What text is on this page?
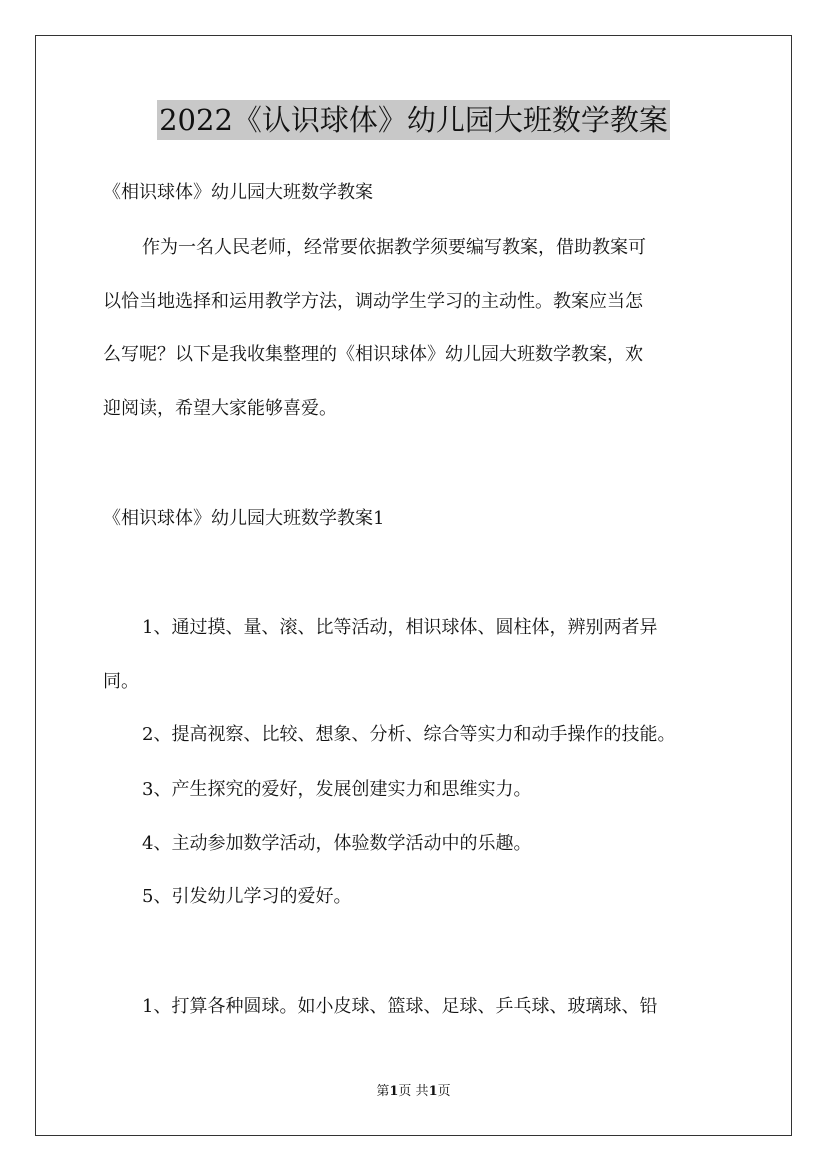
2022《认识球体》幼儿园大班数学教案
《相识球体》幼儿园大班数学教案
作为一名人民老师，经常要依据教学须要编写教案，借助教案可
以恰当地选择和运用教学方法，调动学生学习的主动性。教案应当怎
么写呢？以下是我收集整理的《相识球体》幼儿园大班数学教案，欢
迎阅读，希望大家能够喜爱。
《相识球体》幼儿园大班数学教案1
1、通过摸、量、滚、比等活动，相识球体、圆柱体，辨别两者异
同。
2、提高视察、比较、想象、分析、综合等实力和动手操作的技能。
3、产生探究的爱好，发展创建实力和思维实力。
4、主动参加数学活动，体验数学活动中的乐趣。
5、引发幼儿学习的爱好。
1、打算各种圆球。如小皮球、篮球、足球、乒乓球、玻璃球、铅
第1页 共1页
